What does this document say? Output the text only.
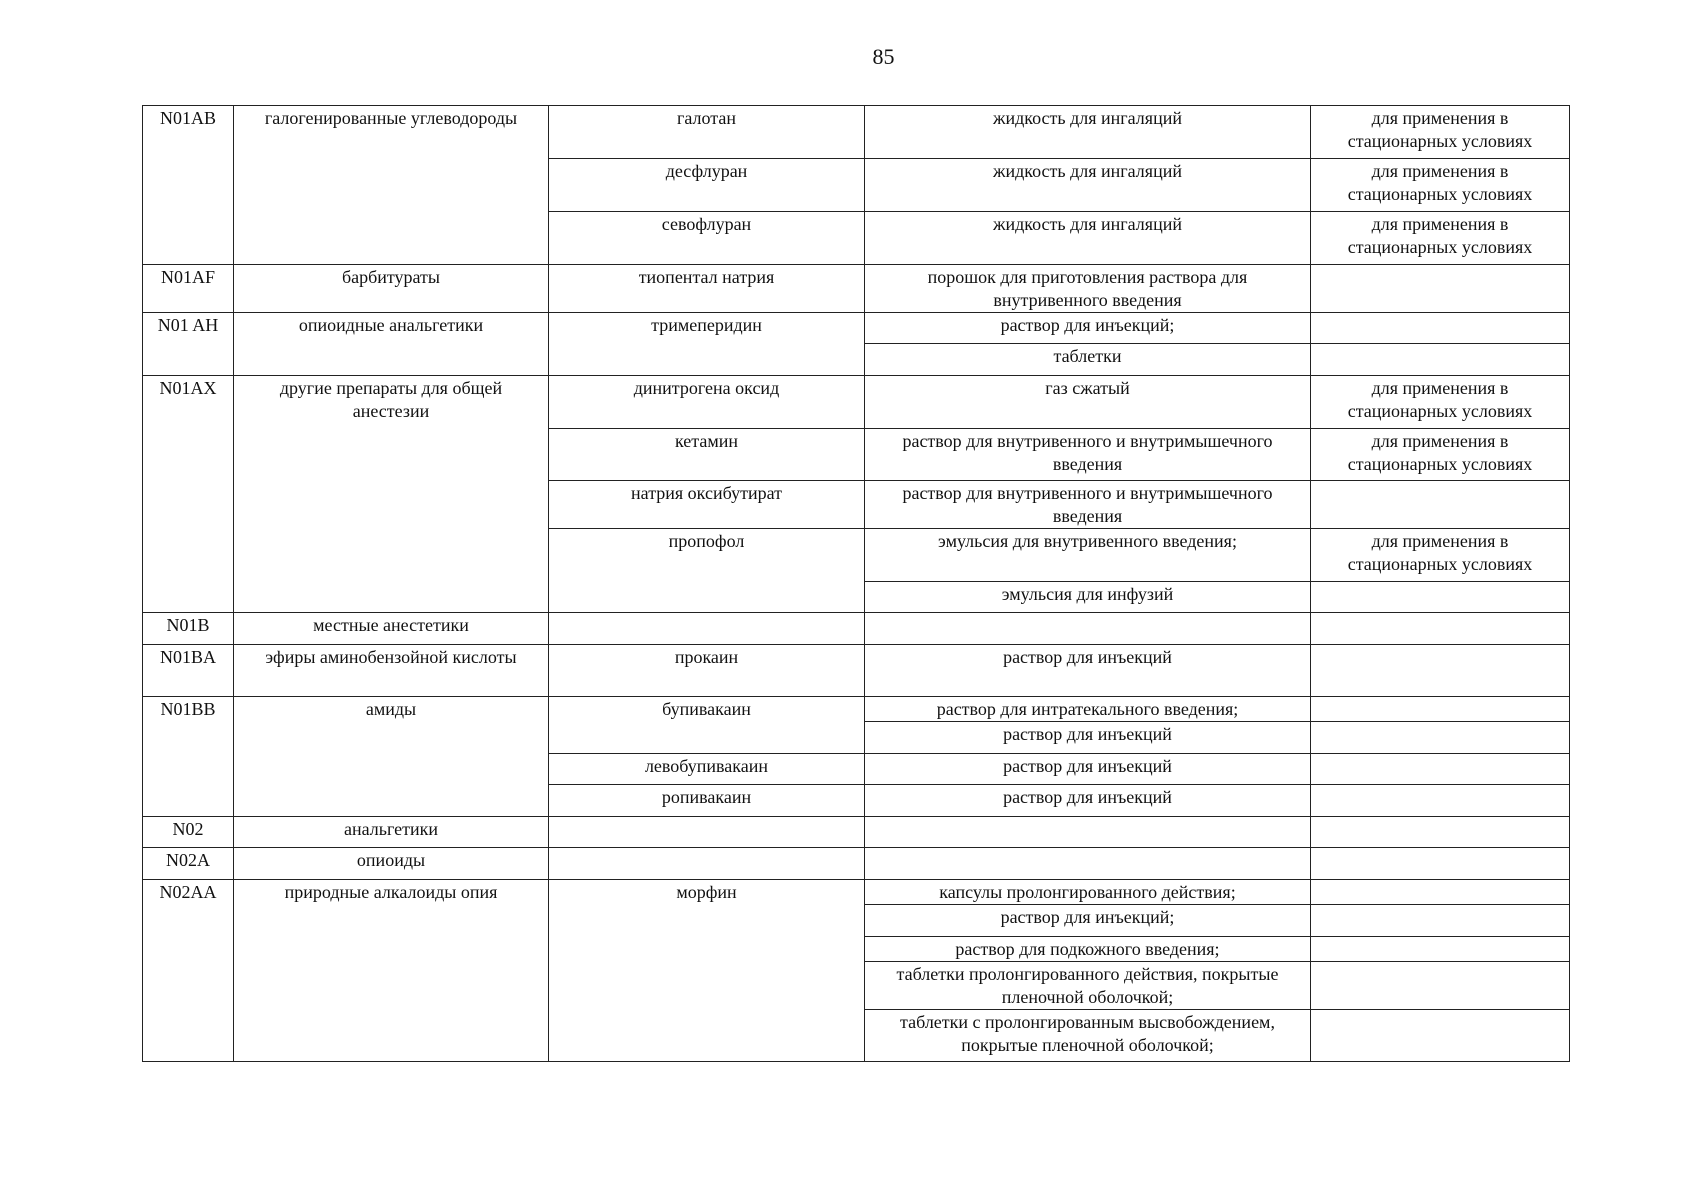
85
N01AB	галогенированные углеводороды	галотан	жидкость для ингаляций	для применения в стационарных условиях
		десфлуран	жидкость для ингаляций	для применения в стационарных условиях
		севофлуран	жидкость для ингаляций	для применения в стационарных условиях
N01AF	барбитураты	тиопентал натрия	порошок для приготовления раствора для внутривенного введения	
N01 AH	опиоидные анальгетики	тримеперидин	раствор для инъекций;	
			таблетки	
N01AX	другие препараты для общей анестезии	динитрогена оксид	газ сжатый	для применения в стационарных условиях
		кетамин	раствор для внутривенного и внутримышечного введения	для применения в стационарных условиях
		натрия оксибутират	раствор для внутривенного и внутримышечного введения	
		пропофол	эмульсия для внутривенного введения;	для применения в стационарных условиях
			эмульсия для инфузий	
N01B	местные анестетики			
N01BA	эфиры аминобензойной кислоты	прокаин	раствор для инъекций	
N01BB	амиды	бупивакаин	раствор для интратекального введения;	
			раствор для инъекций	
		левобупивакаин	раствор для инъекций	
		ропивакаин	раствор для инъекций	
N02	анальгетики			
N02A	опиоиды			
N02AA	природные алкалоиды опия	морфин	капсулы пролонгированного действия;	
			раствор для инъекций;	
			раствор для подкожного введения;	
			таблетки пролонгированного действия, покрытые пленочной оболочкой;	
			таблетки с пролонгированным высвобождением, покрытые пленочной оболочкой;	
